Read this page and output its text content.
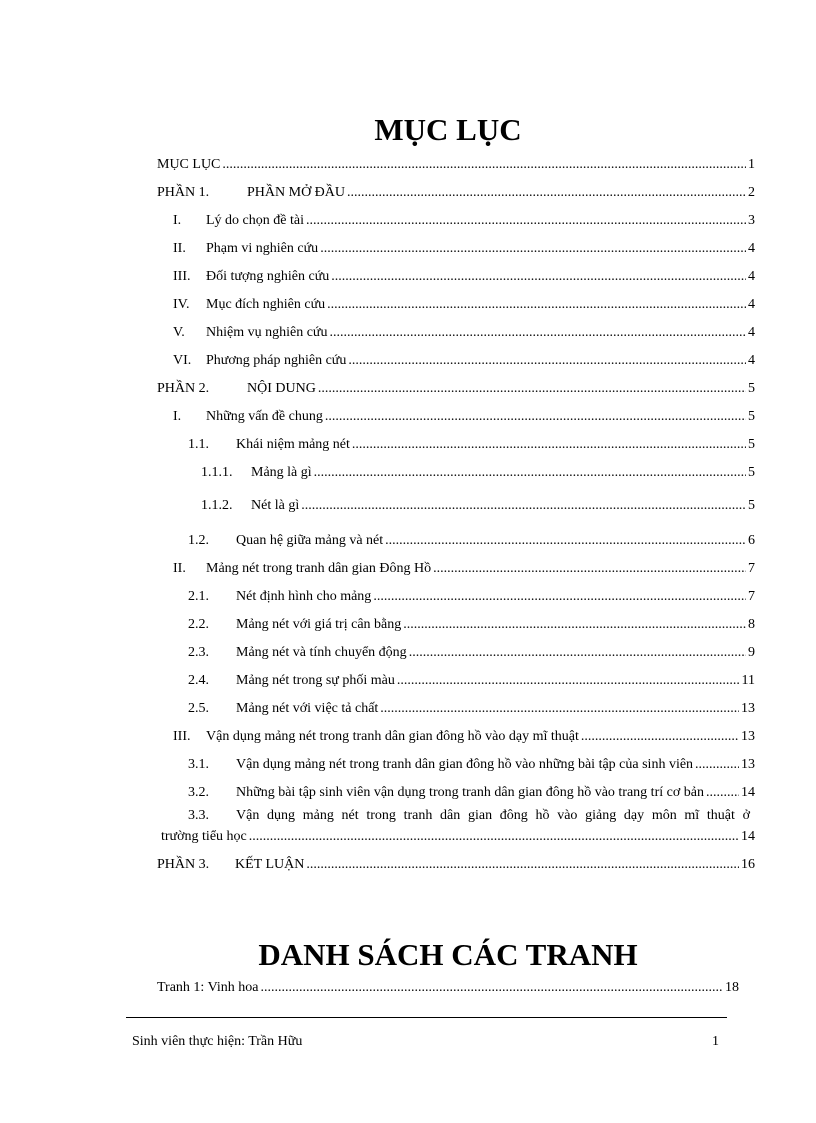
MỤC LỤC
MỤC LỤC .....	1
PHẦN 1.	PHẦN MỞ ĐẦU .....	2
I.	Lý do chọn đề tài .....	3
II.	Phạm vi nghiên cứu .....	4
III.	Đối tượng nghiên cứu .....	4
IV.	Mục đích nghiên cứu .....	4
V.	Nhiệm vụ nghiên cứu .....	4
VI.	Phương pháp nghiên cứu .....	4
PHẦN 2.	NỘI DUNG .....	5
I.	Những vấn đề chung .....	5
1.1.	Khái niệm mảng nét .....	5
1.1.1.	Mảng là gì .....	5
1.1.2.	Nét là gì .....	5
1.2.	Quan hệ giữa mảng và nét .....	6
II.	Mảng nét trong tranh dân gian Đông Hồ .....	7
2.1.	Nét định hình cho mảng .....	7
2.2.	Mảng nét với giá trị cân bằng .....	8
2.3.	Mảng nét và tính chuyển động .....	9
2.4.	Mảng nét trong sự phối màu .....	11
2.5.	Mảng nét với việc tả chất .....	13
III.	Vận dụng mảng nét trong tranh dân gian đông hồ vào dạy mĩ thuật .....	13
3.1.	Vận dụng mảng nét trong tranh dân gian đông hồ vào những bài tập của sinh viên .....	13
3.2.	Những bài tập sinh viên vận dụng trong tranh dân gian đông hồ vào trang trí cơ bản .....	14
3.3. Vận dụng mảng nét trong tranh dân gian đông hồ vào giảng dạy môn mĩ thuật ở
trường tiểu học .....	14
PHẦN 3.	KẾT LUẬN .....	16
DANH SÁCH CÁC TRANH
Tranh 1: Vinh hoa .....	18
Sinh viên thực hiện: Trần Hữu	1
